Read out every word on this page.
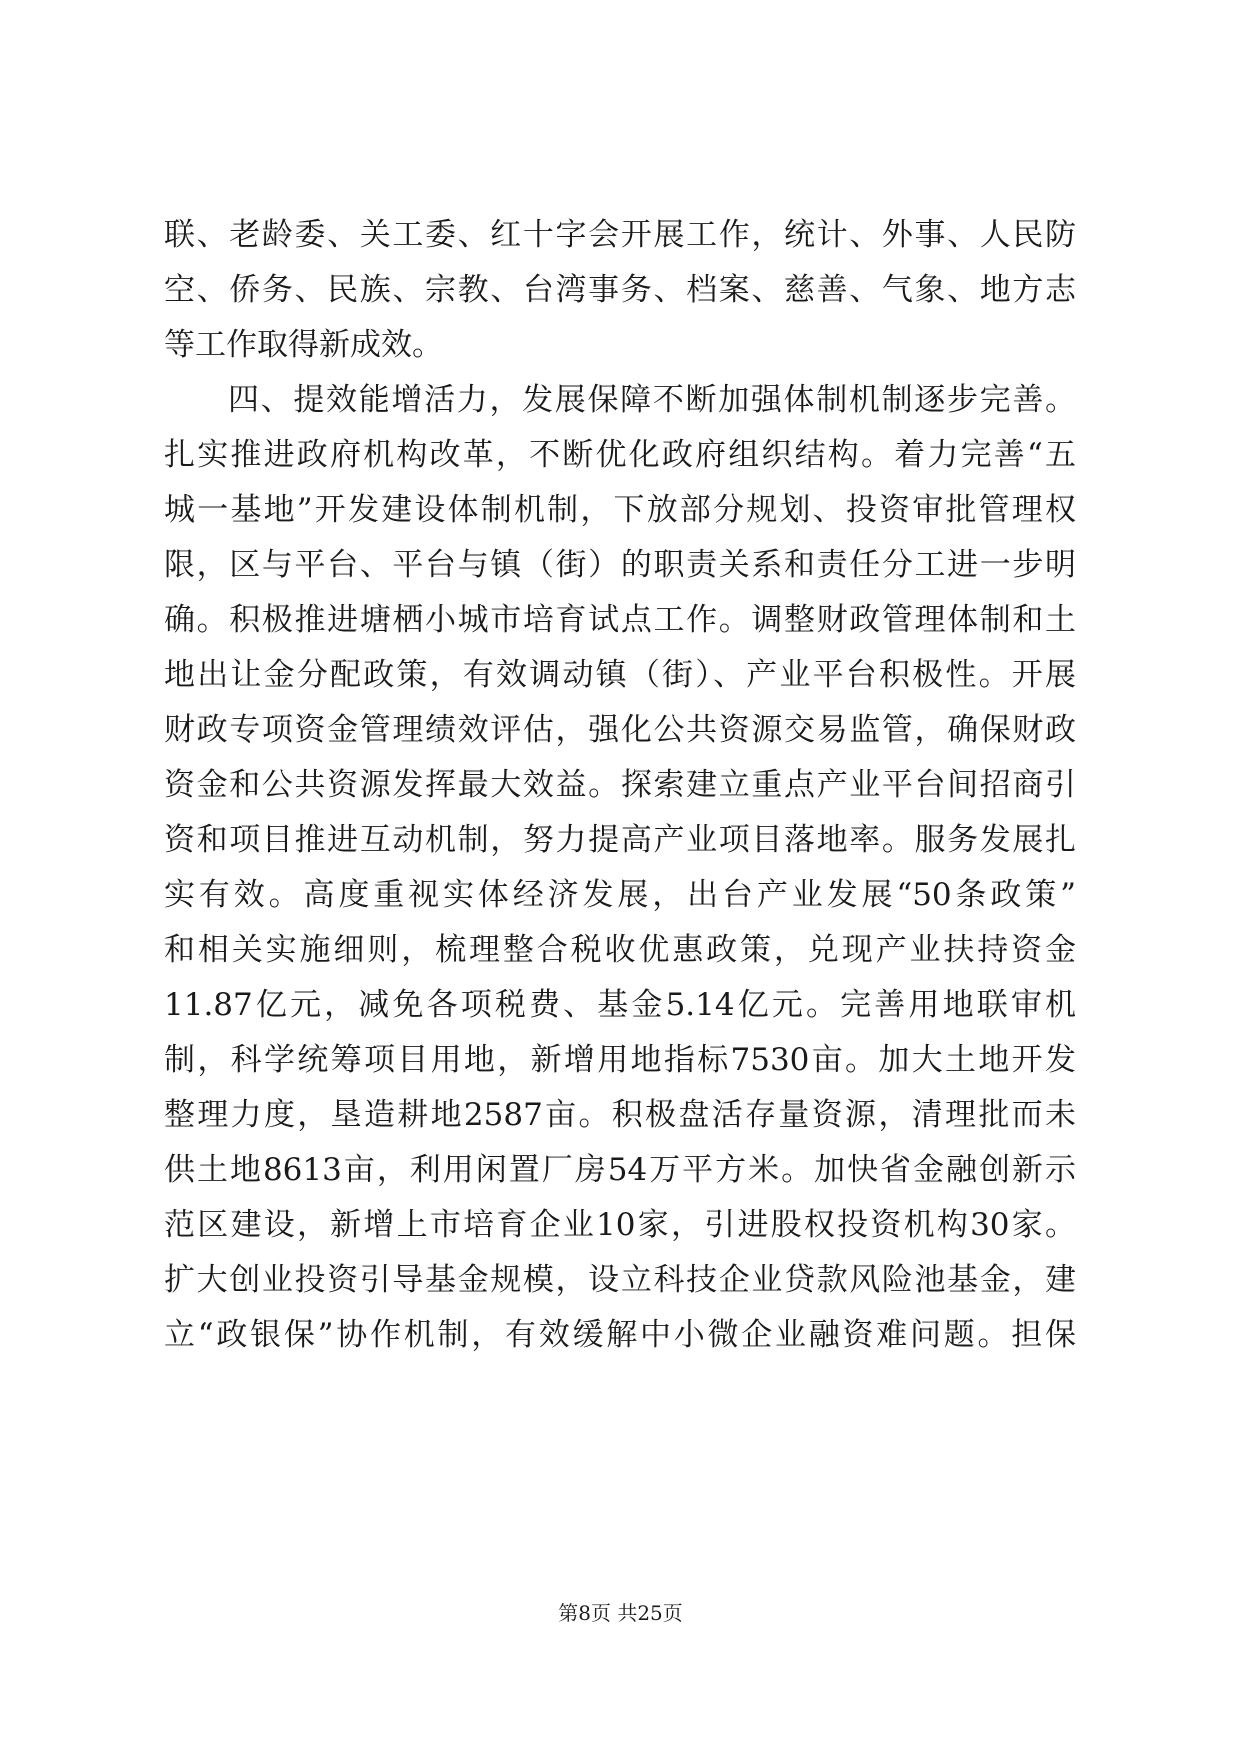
联、老龄委、关工委、红十字会开展工作，统计、外事、人民防
空、侨务、民族、宗教、台湾事务、档案、慈善、气象、地方志
等工作取得新成效。
四、提效能增活力，发展保障不断加强体制机制逐步完善。
扎实推进政府机构改革，不断优化政府组织结构。着力完善“五
城一基地”开发建设体制机制，下放部分规划、投资审批管理权
限，区与平台、平台与镇（街）的职责关系和责任分工进一步明
确。积极推进塘栖小城市培育试点工作。调整财政管理体制和土
地出让金分配政策，有效调动镇（街）、产业平台积极性。开展
财政专项资金管理绩效评估，强化公共资源交易监管，确保财政
资金和公共资源发挥最大效益。探索建立重点产业平台间招商引
资和项目推进互动机制，努力提高产业项目落地率。服务发展扎
实有效。高度重视实体经济发展，出台产业发展“50条政策”
和相关实施细则，梳理整合税收优惠政策，兑现产业扶持资金
11.87亿元，减免各项税费、基金5.14亿元。完善用地联审机
制，科学统筹项目用地，新增用地指标7530亩。加大土地开发
整理力度，垦造耕地2587亩。积极盘活存量资源，清理批而未
供土地8613亩，利用闲置厂房54万平方米。加快省金融创新示
范区建设，新增上市培育企业10家，引进股权投资机构30家。
扩大创业投资引导基金规模，设立科技企业贷款风险池基金，建
立“政银保”协作机制，有效缓解中小微企业融资难问题。担保
第8页 共25页
